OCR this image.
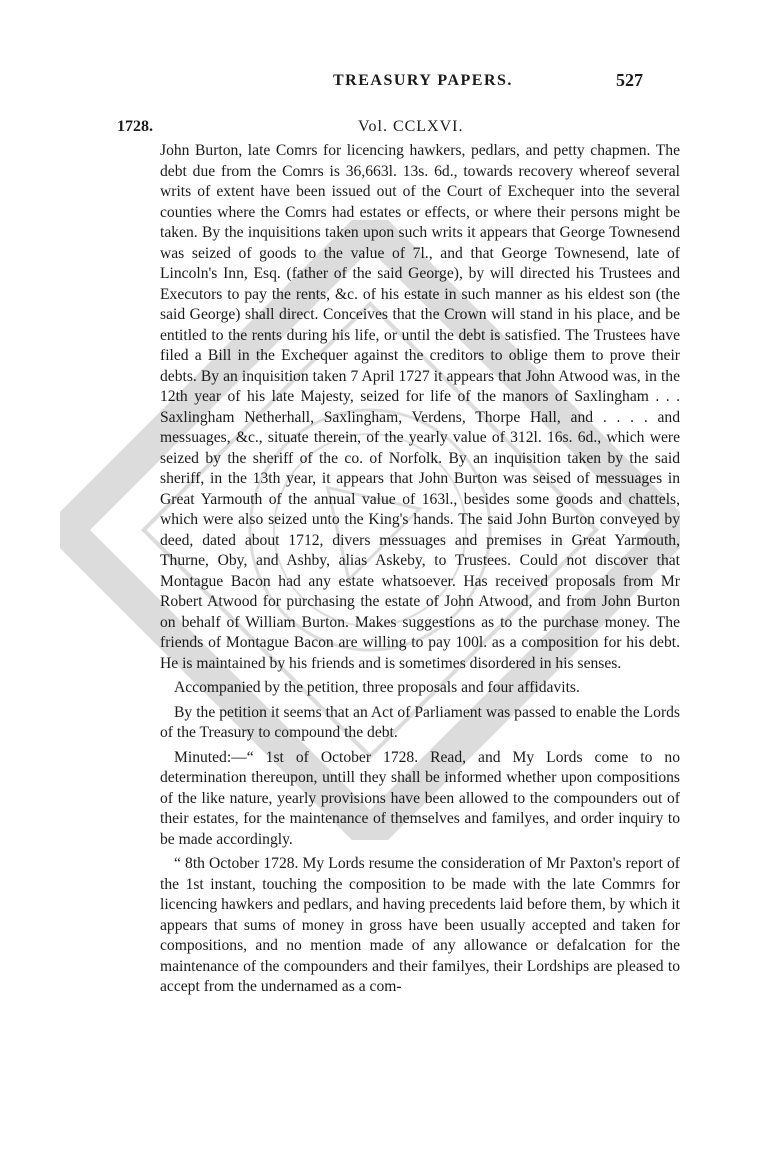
TREASURY PAPERS.	527
1728.	Vol. CCLXVI.

John Burton, late Comrs for licencing hawkers, pedlars, and petty chapmen. The debt due from the Comrs is 36,663l. 13s. 6d., towards recovery whereof several writs of extent have been issued out of the Court of Exchequer into the several counties where the Comrs had estates or effects, or where their persons might be taken. By the inquisitions taken upon such writs it appears that George Townesend was seized of goods to the value of 7l., and that George Townesend, late of Lincoln's Inn, Esq. (father of the said George), by will directed his Trustees and Executors to pay the rents, &c. of his estate in such manner as his eldest son (the said George) shall direct. Conceives that the Crown will stand in his place, and be entitled to the rents during his life, or until the debt is satisfied. The Trustees have filed a Bill in the Exchequer against the creditors to oblige them to prove their debts. By an inquisition taken 7 April 1727 it appears that John Atwood was, in the 12th year of his late Majesty, seized for life of the manors of Saxlingham . . . Saxlingham Netherhall, Saxlingham, Verdens, Thorpe Hall, and . . . . and messuages, &c., situate therein, of the yearly value of 312l. 16s. 6d., which were seized by the sheriff of the co. of Norfolk. By an inquisition taken by the said sheriff, in the 13th year, it appears that John Burton was seised of messuages in Great Yarmouth of the annual value of 163l., besides some goods and chattels, which were also seized unto the King's hands. The said John Burton conveyed by deed, dated about 1712, divers messuages and premises in Great Yarmouth, Thurne, Oby, and Ashby, alias Askeby, to Trustees. Could not discover that Montague Bacon had any estate whatsoever. Has received proposals from Mr Robert Atwood for purchasing the estate of John Atwood, and from John Burton on behalf of William Burton. Makes suggestions as to the purchase money. The friends of Montague Bacon are willing to pay 100l. as a composition for his debt. He is maintained by his friends and is sometimes disordered in his senses.

Accompanied by the petition, three proposals and four affidavits.

By the petition it seems that an Act of Parliament was passed to enable the Lords of the Treasury to compound the debt.

Minuted:—“ 1st of October 1728. Read, and My Lords come to no determination thereupon, untill they shall be informed whether upon compositions of the like nature, yearly provisions have been allowed to the compounders out of their estates, for the maintenance of themselves and familyes, and order inquiry to be made accordingly.

“ 8th October 1728. My Lords resume the consideration of Mr Paxton's report of the 1st instant, touching the composition to be made with the late Commrs for licencing hawkers and pedlars, and having precedents laid before them, by which it appears that sums of money in gross have been usually accepted and taken for compositions, and no mention made of any allowance or defalcation for the maintenance of the compounders and their familyes, their Lordships are pleased to accept from the undernamed as a com-
